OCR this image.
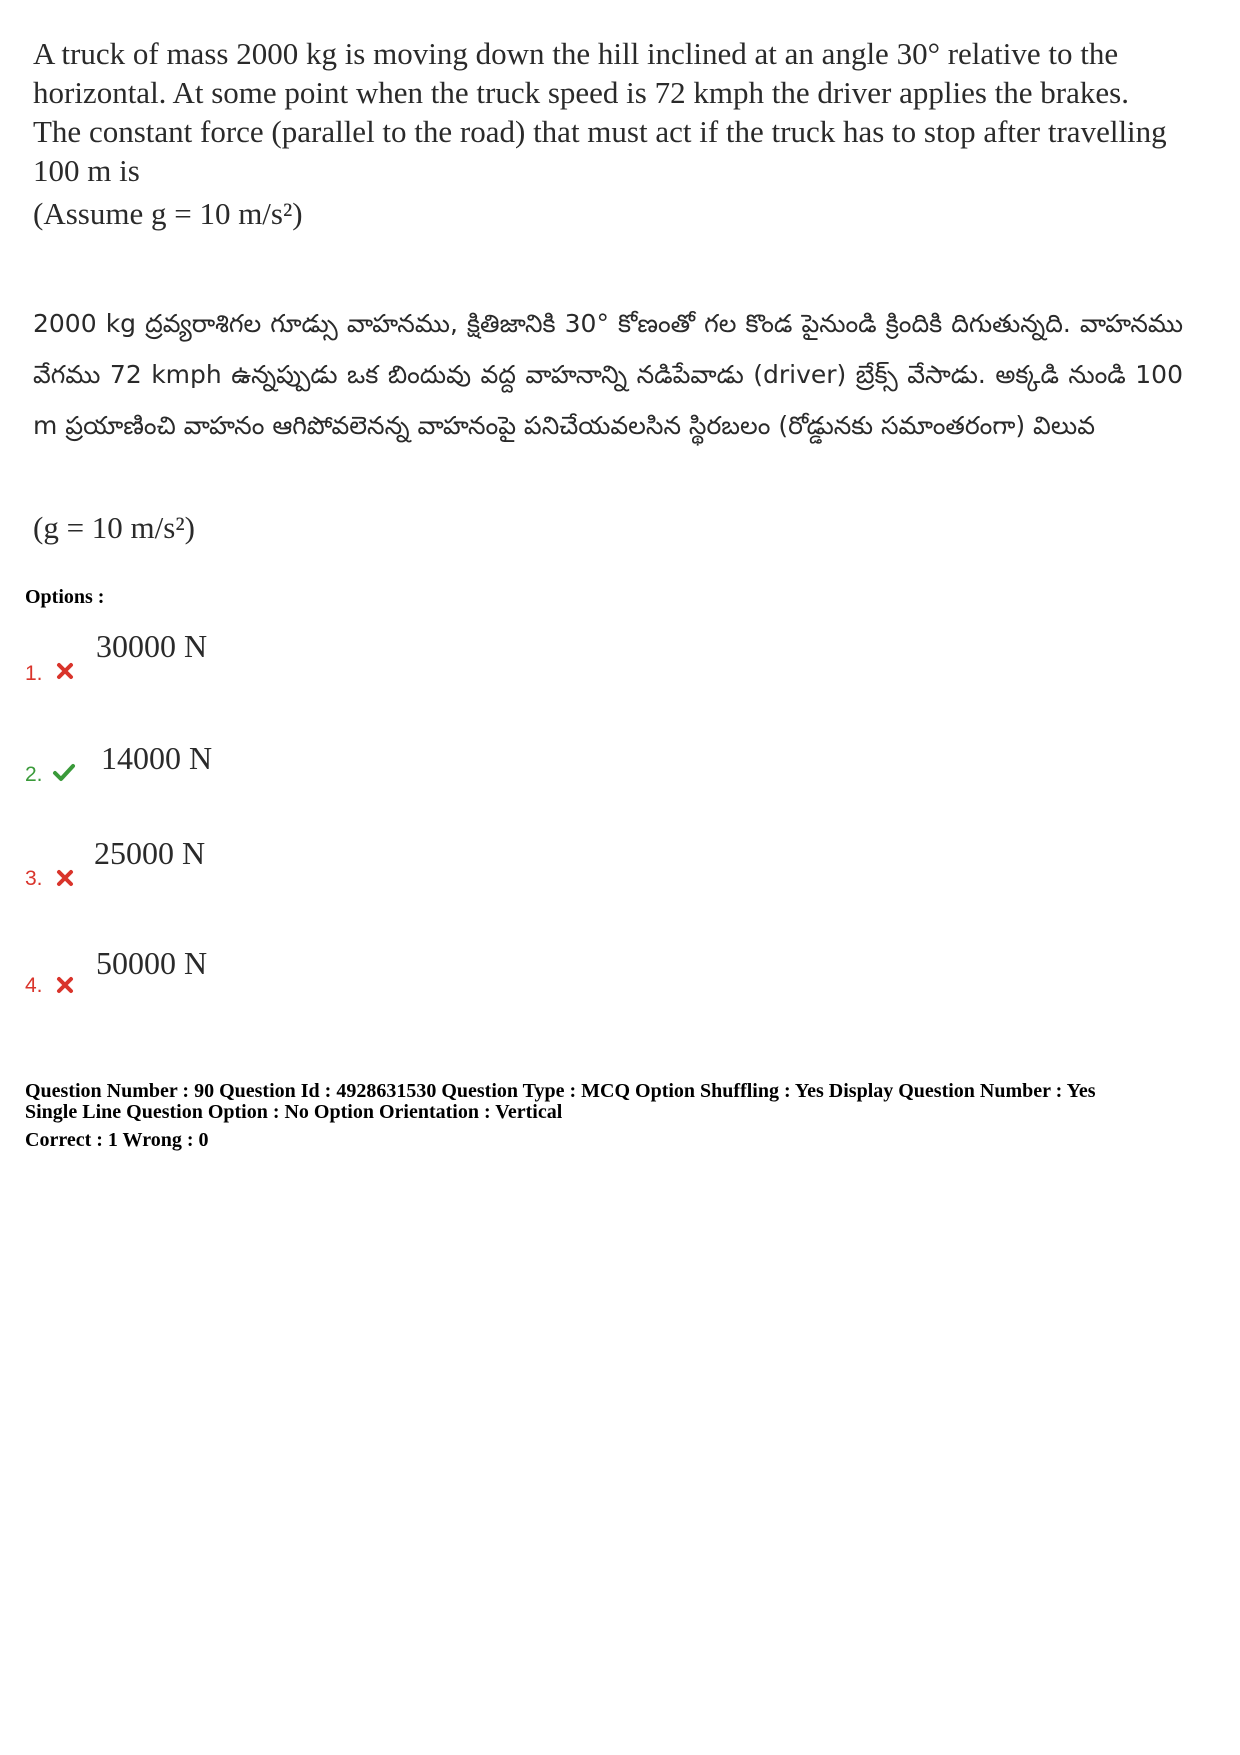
A truck of mass 2000 kg is moving down the hill inclined at an angle 30° relative to the horizontal. At some point when the truck speed is 72 kmph the driver applies the brakes. The constant force (parallel to the road) that must act if the truck has to stop after travelling 100 m is

(Assume g = 10 m/s²)

2000 kg ద్రవ్యరాశిగల గూడ్సు వాహనము, క్షితిజానికి 30° కోణంతో గల కొండ పైనుండి క్రిందికి దిగుతున్నది. వాహనము వేగము 72 kmph ఉన్నప్పుడు ఒక బిందువు వద్ద వాహనాన్ని నడిపేవాడు (driver) బ్రేక్స్ వేసాడు. అక్కడి నుండి 100 m ప్రయాణించి వాహనం ఆగిపోవలెనన్న వాహనంపై పనిచేయవలసిన స్థిరబలం (రోడ్డునకు సమాంతరంగా) విలువ
(g = 10 m/s²)
Options :
1.
30000 N
2. 14000 N
3.
25000 N
4.
50000 N
Question Number : 90 Question Id : 4928631530 Question Type : MCQ Option Shuffling : Yes Display Question Number : Yes
Single Line Question Option : No Option Orientation : Vertical
Correct : 1 Wrong : 0
